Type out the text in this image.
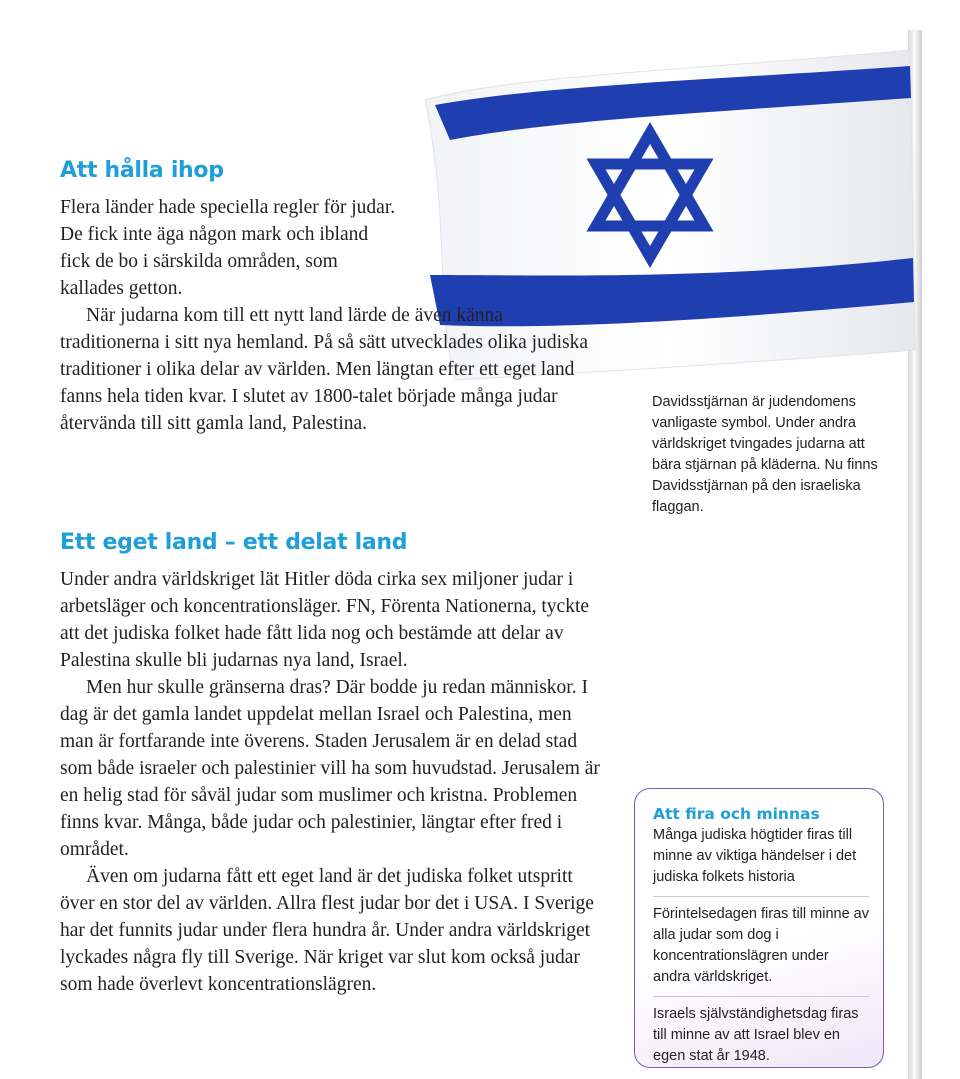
Att hålla ihop

Flera länder hade speciella regler för judar. De fick inte äga någon mark och ibland fick de bo i särskilda områden, som kallades getton.

När judarna kom till ett nytt land lärde de även känna traditionerna i sitt nya hemland. På så sätt utvecklades olika judiska traditioner i olika delar av världen. Men längtan efter ett eget land fanns hela tiden kvar. I slutet av 1800-talet började många judar återvända till sitt gamla land, Palestina.

Davidsstjärnan är judendomens vanligaste symbol. Under andra världskriget tvingades judarna att bära stjärnan på kläderna. Nu finns Davidsstjärnan på den israeliska flaggan.
Ett eget land – ett delat land

Under andra världskriget lät Hitler döda cirka sex miljoner judar i arbetsläger och koncentrationsläger. FN, Förenta Nationerna, tyckte att det judiska folket hade fått lida nog och bestämde att delar av Palestina skulle bli judarnas nya land, Israel.

Men hur skulle gränserna dras? Där bodde ju redan människor. I dag är det gamla landet uppdelat mellan Israel och Palestina, men man är fortfarande inte överens. Staden Jerusalem är en delad stad som både israeler och palestinier vill ha som huvudstad. Jerusalem är en helig stad för såväl judar som muslimer och kristna. Problemen finns kvar. Många, både judar och palestinier, längtar efter fred i området.

Även om judarna fått ett eget land är det judiska folket utspritt över en stor del av världen. Allra flest judar bor det i USA. I Sverige har det funnits judar under flera hundra år. Under andra världskriget lyckades några fly till Sverige. När kriget var slut kom också judar som hade överlevt koncentrationslägren.

Att fira och minnas

Många judiska högtider firas till minne av viktiga händelser i det judiska folkets historia

Förintelsedagen firas till minne av alla judar som dog i koncentrationslägren under andra världskriget.

Israels självständighetsdag firas till minne av att Israel blev en egen stat år 1948.
